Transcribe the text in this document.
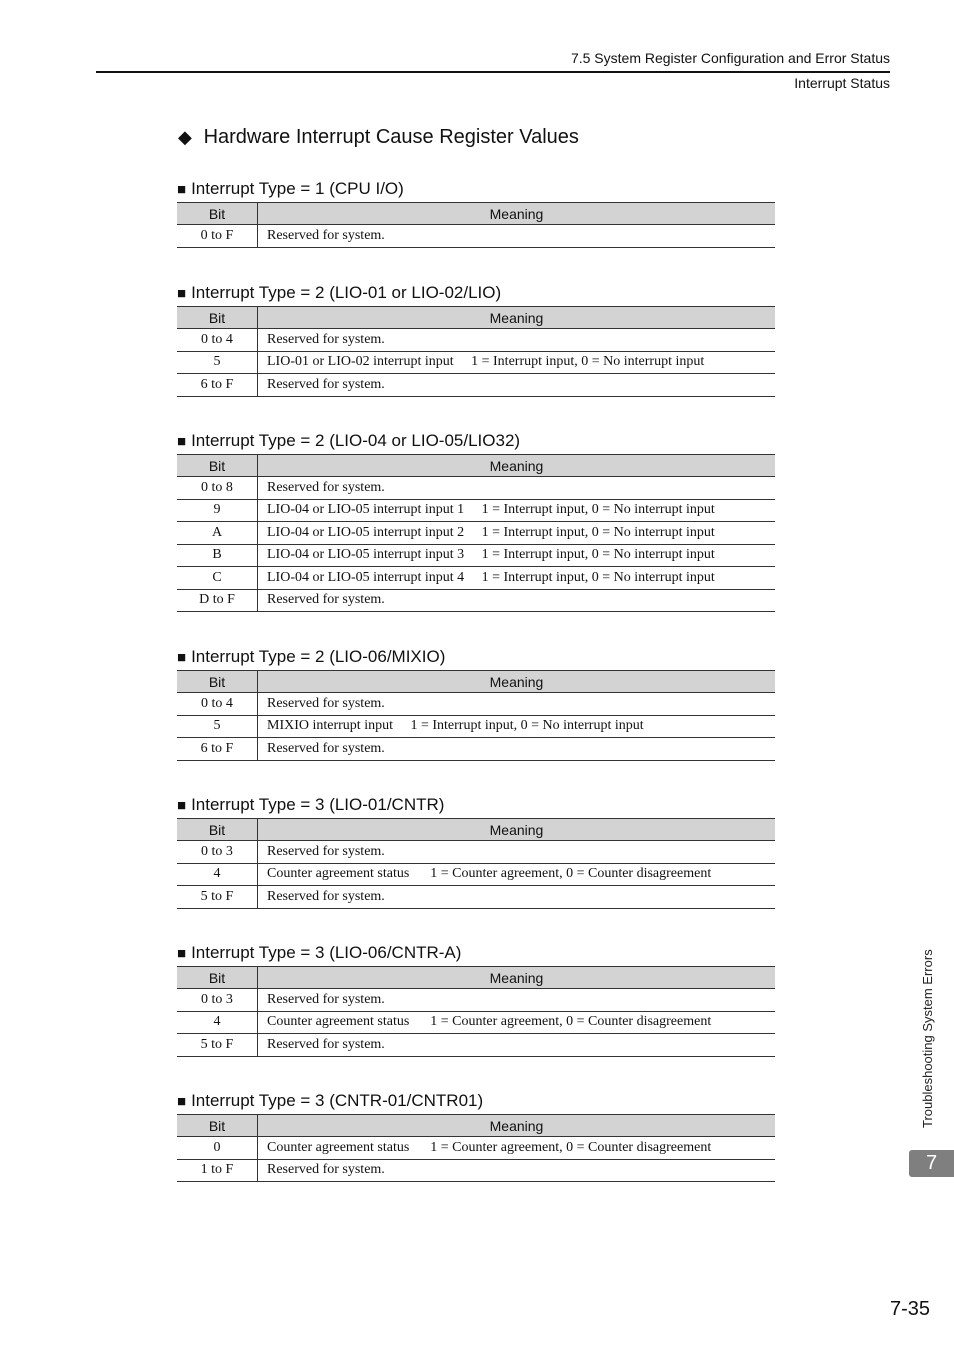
7.5 System Register Configuration and Error Status
Interrupt Status
◆ Hardware Interrupt Cause Register Values
■ Interrupt Type = 1 (CPU I/O)
Bit	Meaning
0 to F	Reserved for system.
■ Interrupt Type = 2 (LIO-01 or LIO-02/LIO)
Bit	Meaning
0 to 4	Reserved for system.
5	LIO-01 or LIO-02 interrupt input     1 = Interrupt input, 0 = No interrupt input
6 to F	Reserved for system.
■ Interrupt Type = 2 (LIO-04 or LIO-05/LIO32)
Bit	Meaning
0 to 8	Reserved for system.
9	LIO-04 or LIO-05 interrupt input 1     1 = Interrupt input, 0 = No interrupt input
A	LIO-04 or LIO-05 interrupt input 2     1 = Interrupt input, 0 = No interrupt input
B	LIO-04 or LIO-05 interrupt input 3     1 = Interrupt input, 0 = No interrupt input
C	LIO-04 or LIO-05 interrupt input 4     1 = Interrupt input, 0 = No interrupt input
D to F	Reserved for system.
■ Interrupt Type = 2 (LIO-06/MIXIO)
Bit	Meaning
0 to 4	Reserved for system.
5	MIXIO interrupt input     1 = Interrupt input, 0 = No interrupt input
6 to F	Reserved for system.
■ Interrupt Type = 3 (LIO-01/CNTR)
Bit	Meaning
0 to 3	Reserved for system.
4	Counter agreement status      1 = Counter agreement, 0 = Counter disagreement
5 to F	Reserved for system.
■ Interrupt Type = 3 (LIO-06/CNTR-A)
Bit	Meaning
0 to 3	Reserved for system.
4	Counter agreement status      1 = Counter agreement, 0 = Counter disagreement
5 to F	Reserved for system.
■ Interrupt Type = 3 (CNTR-01/CNTR01)
Bit	Meaning
0	Counter agreement status      1 = Counter agreement, 0 = Counter disagreement
1 to F	Reserved for system.
Troubleshooting System Errors
7
7-35
